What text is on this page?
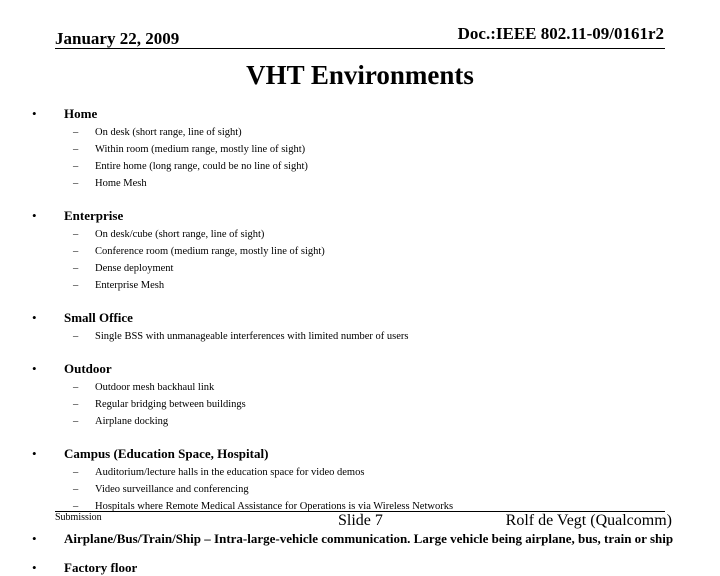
January 22, 2009	Doc.:IEEE 802.11-09/0161r2
VHT Environments
• Home
– On desk (short range, line of sight)
– Within room (medium range, mostly line of sight)
– Entire home (long range, could be no line of sight)
– Home Mesh
• Enterprise
– On desk/cube (short range, line of sight)
– Conference room (medium range, mostly line of sight)
– Dense deployment
– Enterprise Mesh
• Small Office
– Single BSS with unmanageable interferences with limited number of users
• Outdoor
– Outdoor mesh backhaul link
– Regular bridging between buildings
– Airplane docking
• Campus (Education Space, Hospital)
– Auditorium/lecture halls in the education space for video demos
– Video surveillance and conferencing
– Hospitals where Remote Medical Assistance for Operations is via Wireless Networks
• Airplane/Bus/Train/Ship – Intra-large-vehicle communication. Large vehicle being airplane, bus, train or ship
• Factory floor
Submission	Slide 7	Rolf de Vegt (Qualcomm)
